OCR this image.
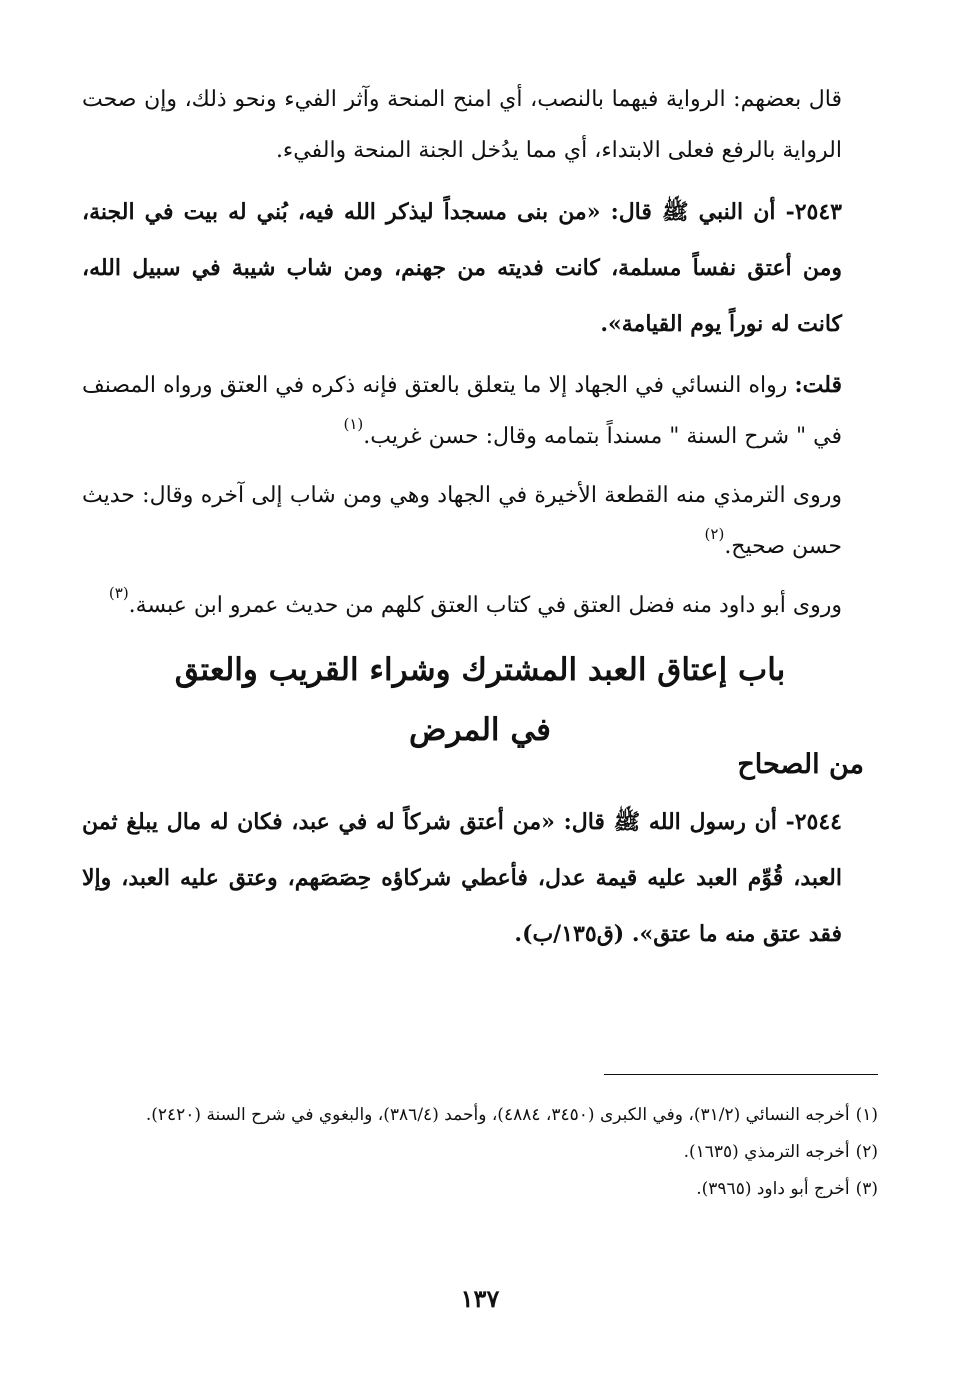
قال بعضهم: الرواية فيهما بالنصب، أي امنح المنحة وآثر الفيء ونحو ذلك، وإن صحت الرواية بالرفع فعلى الابتداء، أي مما يدُخل الجنة المنحة والفيء.

٢٥٤٣- أن النبي ﷺ قال: «من بنى مسجداً ليذكر الله فيه، بُني له بيت في الجنة، ومن أعتق نفساً مسلمة، كانت فديته من جهنم، ومن شاب شيبة في سبيل الله، كانت له نوراً يوم القيامة».

قلت: رواه النسائي في الجهاد إلا ما يتعلق بالعتق فإنه ذكره في العتق ورواه المصنف في " شرح السنة " مسنداً بتمامه وقال: حسن غريب.$^{(١)}$

وروى الترمذي منه القطعة الأخيرة في الجهاد وهي ومن شاب إلى آخره وقال: حديث حسن صحيح.$^{(٢)}$

وروى أبو داود منه فضل العتق في كتاب العتق كلهم من حديث عمرو ابن عبسة.$^{(٣)}$

باب إعتاق العبد المشترك وشراء القريب والعتق في المرض
من الصحاح

٢٥٤٤- أن رسول الله ﷺ قال: «من أعتق شركاً له في عبد، فكان له مال يبلغ ثمن العبد، قُوِّم العبد عليه قيمة عدل، فأعطي شركاؤه حِصَصَهم، وعتق عليه العبد، وإلا فقد عتق منه ما عتق». (ق١٣٥/ب).

(١)أخرجه النسائي (٣١/٢)، وفي الكبرى (٣٤٥٠، ٤٨٨٤)، وأحمد (٣٨٦/٤)، والبغوي في شرح السنة (٢٤٢٠).

(٢)أخرجه الترمذي (١٦٣٥).

(٣)أخرج أبو داود (٣٩٦٥).

١٣٧
